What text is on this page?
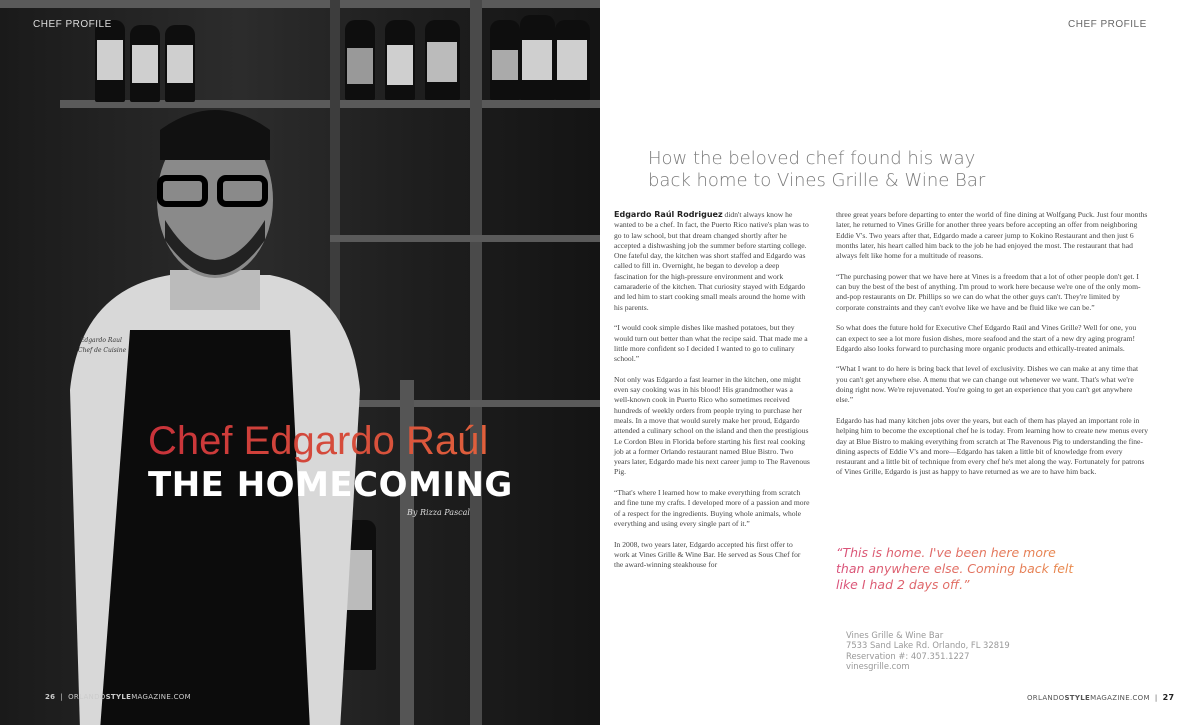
Edgardo Raul
Chef de Cuisine
CHEF PROFILE
Chef Edgardo Raúl
THE HOMECOMING
By Rizza Pascal
26  |  ORLANDOSTYLEMAGAZINE.COM
CHEF PROFILE
How the beloved chef found his way back home to Vines Grille & Wine Bar

Edgardo Raúl Rodriguez didn't always know he wanted to be a chef. In fact, the Puerto Rico native's plan was to go to law school, but that dream changed shortly after he accepted a dishwashing job the summer before starting college. One fateful day, the kitchen was short staffed and Edgardo was called to fill in. Overnight, he began to develop a deep fascination for the high-pressure environment and work camaraderie of the kitchen. That curiosity stayed with Edgardo and led him to start cooking small meals around the home with his parents.

“I would cook simple dishes like mashed potatoes, but they would turn out better than what the recipe said. That made me a little more confident so I decided I wanted to go to culinary school.”

Not only was Edgardo a fast learner in the kitchen, one might even say cooking was in his blood! His grandmother was a well-known cook in Puerto Rico who sometimes received hundreds of weekly orders from people trying to purchase her meals. In a move that would surely make her proud, Edgardo attended a culinary school on the island and then the prestigious Le Cordon Bleu in Florida before starting his first real cooking job at a former Orlando restaurant named Blue Bistro. Two years later, Edgardo made his next career jump to The Ravenous Pig.

“That's where I learned how to make everything from scratch and fine tune my crafts. I developed more of a passion and more of a respect for the ingredients. Buying whole animals, whole everything and using every single part of it.”

In 2008, two years later, Edgardo accepted his first offer to work at Vines Grille & Wine Bar. He served as Sous Chef for the award-winning steakhouse for

three great years before departing to enter the world of fine dining at Wolfgang Puck. Just four months later, he returned to Vines Grille for another three years before accepting an offer from neighboring Eddie V's. Two years after that, Edgardo made a career jump to Kokino Restaurant and then just 6 months later, his heart called him back to the job he had enjoyed the most. The restaurant that had always felt like home for a multitude of reasons.

“The purchasing power that we have here at Vines is a freedom that a lot of other people don't get. I can buy the best of the best of anything. I'm proud to work here because we're one of the only mom-and-pop restaurants on Dr. Phillips so we can do what the other guys can't. They're limited by corporate constraints and they can't evolve like we have and be fluid like we can be.”

So what does the future hold for Executive Chef Edgardo Raúl and Vines Grille? Well for one, you can expect to see a lot more fusion dishes, more seafood and the start of a new dry aging program! Edgardo also looks forward to purchasing more organic products and ethically-treated animals.

“What I want to do here is bring back that level of exclusivity. Dishes we can make at any time that you can't get anywhere else. A menu that we can change out whenever we want. That's what we're doing right now. We're rejuvenated. You're going to get an experience that you can't get anywhere else.”

Edgardo has had many kitchen jobs over the years, but each of them has played an important role in helping him to become the exceptional chef he is today. From learning how to create new menus every day at Blue Bistro to making everything from scratch at The Ravenous Pig to understanding the fine-dining aspects of Eddie V's and more—Edgardo has taken a little bit of knowledge from every restaurant and a little bit of technique from every chef he's met along the way. Fortunately for patrons of Vines Grille, Edgardo is just as happy to have returned as we are to have him back.

“This is home. I've been here more than anywhere else. Coming back felt like I had 2 days off.”
Vines Grille & Wine Bar
7533 Sand Lake Rd. Orlando, FL 32819
Reservation #: 407.351.1227
vinesgrille.com
ORLANDOSTYLEMAGAZINE.COM  |  27
